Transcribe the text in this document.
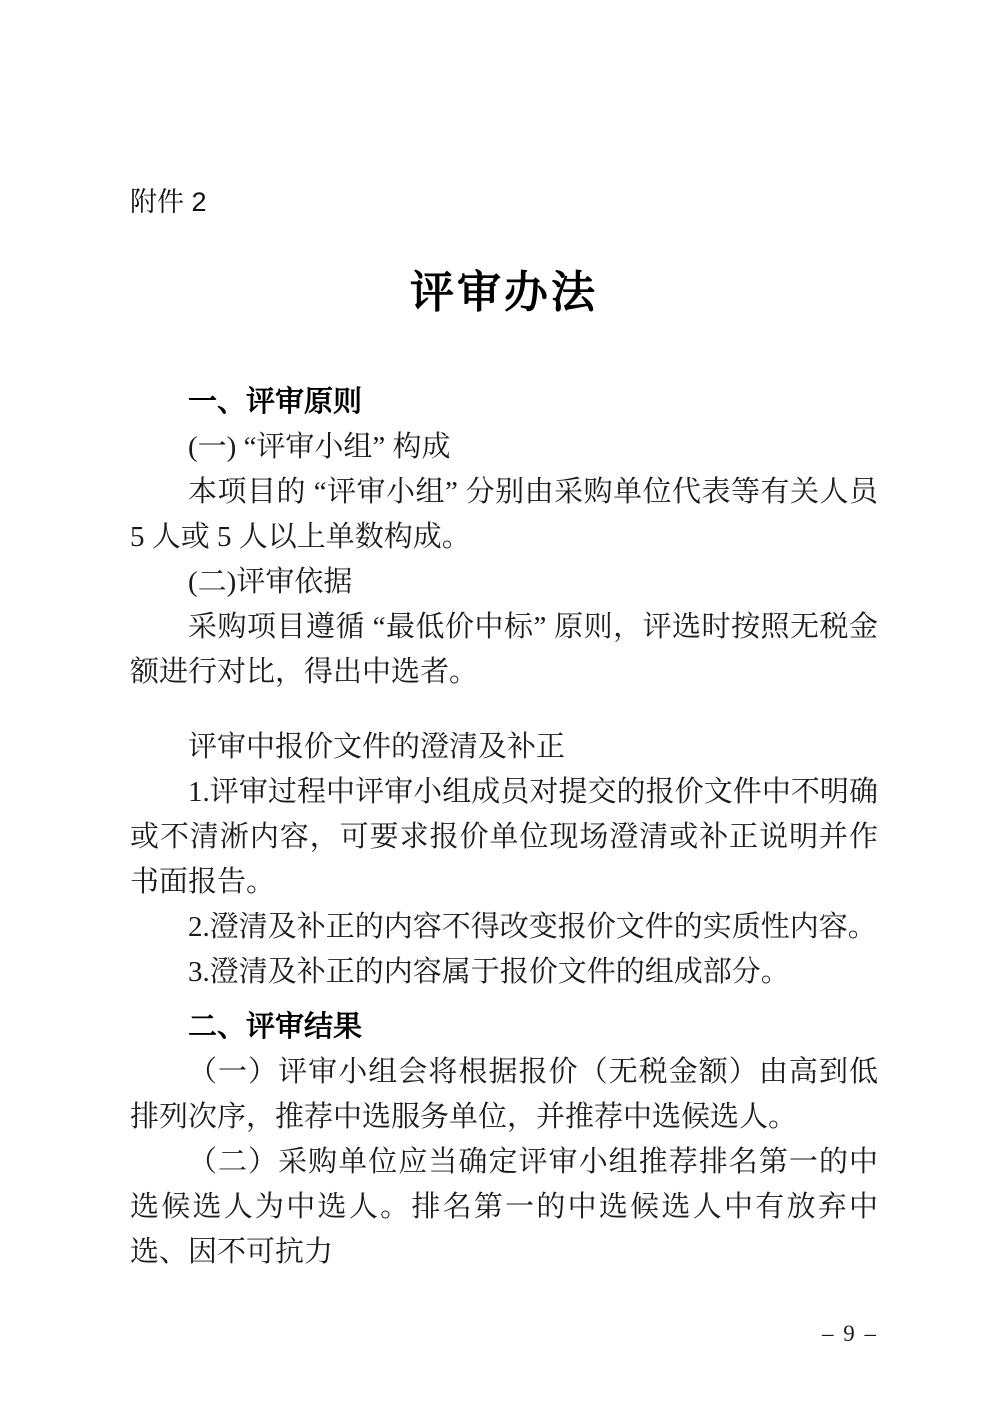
附件 2
评审办法

一、评审原则

(一) “评审小组” 构成

本项目的 “评审小组” 分别由采购单位代表等有关人员 5 人或 5 人以上单数构成。

(二)评审依据

采购项目遵循 “最低价中标” 原则，评选时按照无税金额进行对比，得出中选者。

评审中报价文件的澄清及补正

1.评审过程中评审小组成员对提交的报价文件中不明确或不清淅内容，可要求报价单位现场澄清或补正说明并作书面报告。

2.澄清及补正的内容不得改变报价文件的实质性内容。

3.澄清及补正的内容属于报价文件的组成部分。

二、评审结果

（一）评审小组会将根据报价（无税金额）由高到低排列次序，推荐中选服务单位，并推荐中选候选人。

（二）采购单位应当确定评审小组推荐排名第一的中选候选人为中选人。排名第一的中选候选人中有放弃中选、因不可抗力

– 9 –
